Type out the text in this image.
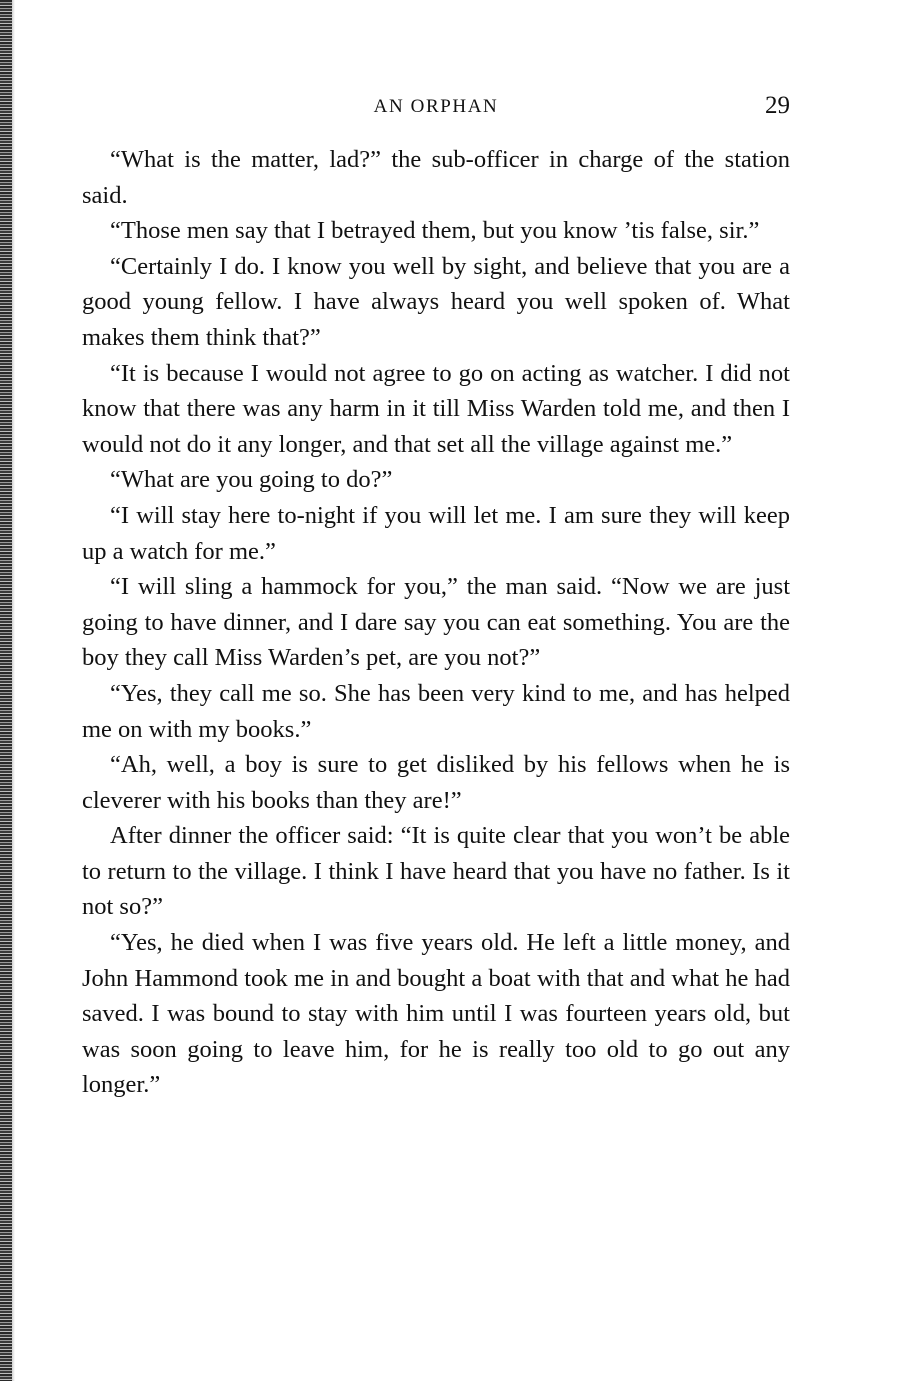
AN ORPHAN	29

“What is the matter, lad?” the sub-officer in charge of the station said.

“Those men say that I betrayed them, but you know ’tis false, sir.”

“Certainly I do. I know you well by sight, and believe that you are a good young fellow. I have always heard you well spoken of. What makes them think that?”

“It is because I would not agree to go on acting as watcher. I did not know that there was any harm in it till Miss Warden told me, and then I would not do it any longer, and that set all the village against me.”

“What are you going to do?”

“I will stay here to-night if you will let me. I am sure they will keep up a watch for me.”

“I will sling a hammock for you,” the man said. “Now we are just going to have dinner, and I dare say you can eat something. You are the boy they call Miss Warden’s pet, are you not?”

“Yes, they call me so. She has been very kind to me, and has helped me on with my books.”

“Ah, well, a boy is sure to get disliked by his fellows when he is cleverer with his books than they are!”

After dinner the officer said: “It is quite clear that you won’t be able to return to the village. I think I have heard that you have no father. Is it not so?”

“Yes, he died when I was five years old. He left a little money, and John Hammond took me in and bought a boat with that and what he had saved. I was bound to stay with him until I was fourteen years old, but was soon going to leave him, for he is really too old to go out any longer.”
